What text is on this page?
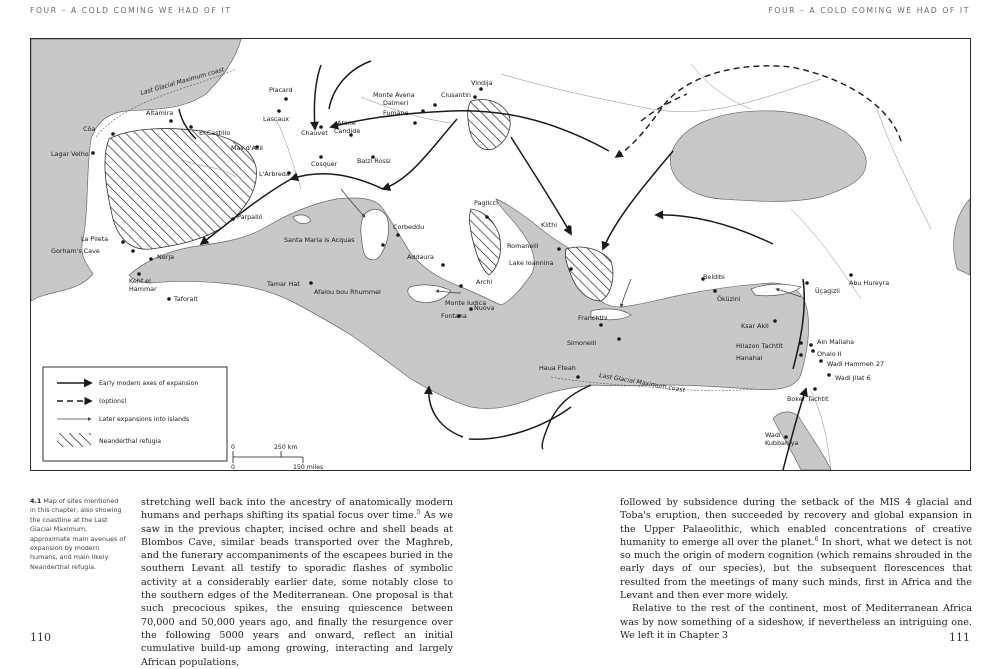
FOUR – A COLD COMING WE HAD OF IT	FOUR – A COLD COMING WE HAD OF IT
Last Glacial Maximum coast
Last Glacial Maximum coast
Placard
Lascaux
Altamira
El Castillo
Côa
Lagar Velho
Chauvet
Mas d'Azil
Arene
Candide
Monte Avena
Dalmeri
Fumane
Clusantin
Vindija
L'Arbreda
Cosquer	Balzi Rossi
Parpalló
Santa Maria is Acquas
Corbeddu
Paglicci
Klithi
Romanelli
Lake Ioannina
La Pileta
Gorham's Cave
Nerja
Kehf el
Hammar
Taforalt
Tamar Hat
Afalou bou Rhummel
Addaura
Archi
Monte Iudica
Fontana
Nuova
Franchthi
Simonelli
Beldibi
Öküzini
Üçagizli
Abu Hureyra
Ksar Akil
Ain Mallaha
Hilazon Tachtit
Ohalo II
Hanahal
Wadi Hammeh 27
Wadi Jilat 6
Haua Fteah
Boker Tachtit
Wadi
Kubbaniya
Early modern axes of expansion
(options)
Later expansions into islands
Neanderthal refugia
0	250 km
0	150 miles
4.1 Map of sites mentioned in this chapter, also showing the coastline at the Last Glacial Maximum, approximate main avenues of expansion by modern humans, and main likely Neanderthal refugia.

stretching well back into the ancestry of anatomically modern humans and perhaps shifting its spatial focus over time.$^5$ As we saw in the previous chapter, incised ochre and shell beads at Blombos Cave, similar beads transported over the Maghreb, and the funerary accompaniments of the escapees buried in the southern Levant all testify to sporadic flashes of symbolic activity at a considerably earlier date, some notably close to the southern edges of the Mediterranean. One proposal is that such precocious spikes, the ensuing quiescence between 70,000 and 50,000 years ago, and finally the resurgence over the following 5000 years and onward, reflect an initial cumulative build-up among growing, interacting and largely African populations,

followed by subsidence during the setback of the MIS 4 glacial and Toba's eruption, then succeeded by recovery and global expansion in the Upper Palaeolithic, which enabled concentrations of creative humanity to emerge all over the planet.$^6$ In short, what we detect is not so much the origin of modern cognition (which remains shrouded in the early days of our species), but the subsequent florescences that resulted from the meetings of many such minds, first in Africa and the Levant and then ever more widely.

Relative to the rest of the continent, most of Mediterranean Africa was by now something of a sideshow, if nevertheless an intriguing one. We left it in Chapter 3

110	111
